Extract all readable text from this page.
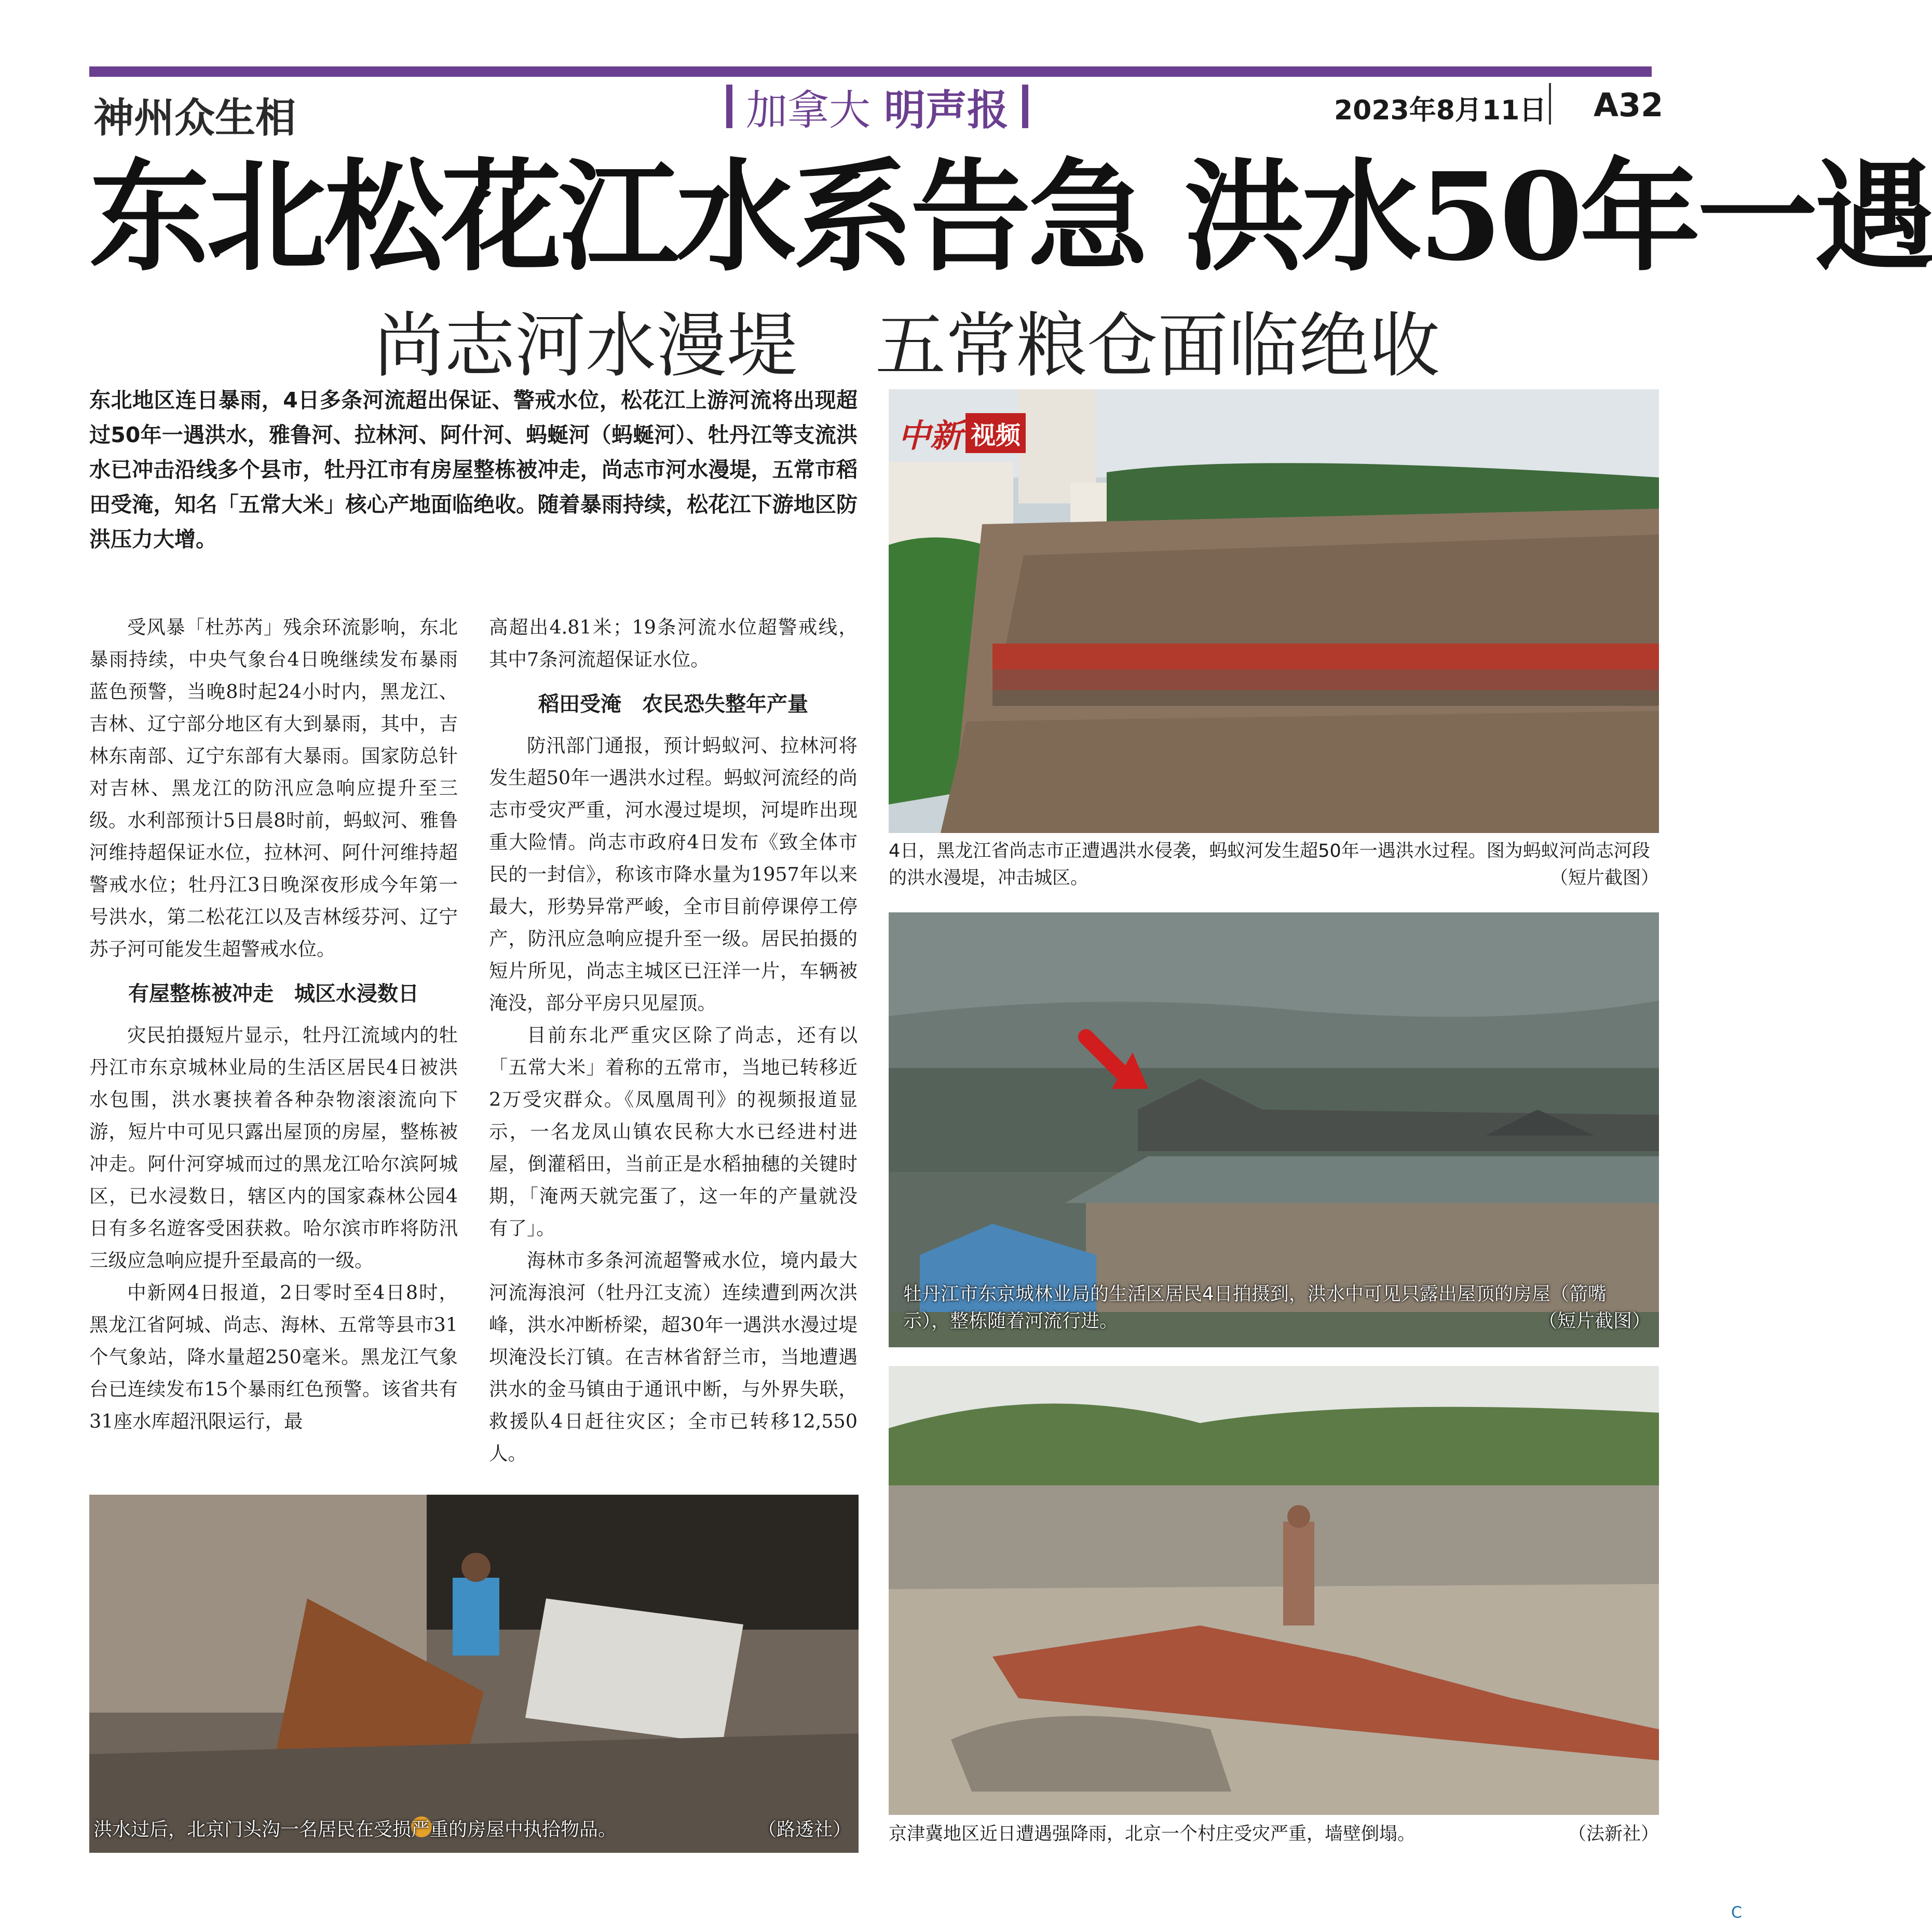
神州众生相	加拿大 明声报	2023年8月11日 A32
东北松花江水系告急 洪水50年一遇
尚志河水漫堤 五常粮仓面临绝收

东北地区连日暴雨，4日多条河流超出保证、警戒水位，松花江上游河流将出现超过50年一遇洪水，雅鲁河、拉林河、阿什河、蚂蜒河（蚂蜒河）、牡丹江等支流洪水已冲击沿线多个县市，牡丹江市有房屋整栋被冲走，尚志市河水漫堤，五常市稻田受淹，知名「五常大米」核心产地面临绝收。随着暴雨持续，松花江下游地区防洪压力大增。

受风暴「杜苏芮」残余环流影响，东北暴雨持续，中央气象台4日晚继续发布暴雨蓝色预警，当晚8时起24小时内，黑龙江、吉林、辽宁部分地区有大到暴雨，其中，吉林东南部、辽宁东部有大暴雨。国家防总针对吉林、黑龙江的防汛应急响应提升至三级。水利部预计5日晨8时前，蚂蚁河、雅鲁河维持超保证水位，拉林河、阿什河维持超警戒水位；牡丹江3日晚深夜形成今年第一号洪水，第二松花江以及吉林绥芬河、辽宁苏子河可能发生超警戒水位。

有屋整栋被冲走　城区水浸数日

灾民拍摄短片显示，牡丹江流域内的牡丹江市东京城林业局的生活区居民4日被洪水包围，洪水裹挟着各种杂物滚滚流向下游，短片中可见只露出屋顶的房屋，整栋被冲走。阿什河穿城而过的黑龙江哈尔滨阿城区，已水浸数日，辖区内的国家森林公园4日有多名遊客受困获救。哈尔滨市昨将防汛三级应急响应提升至最高的一级。

中新网4日报道，2日零时至4日8时，黑龙江省阿城、尚志、海林、五常等县市31个气象站，降水量超250毫米。黑龙江气象台已连续发布15个暴雨红色预警。该省共有31座水库超汛限运行，最

高超出4.81米；19条河流水位超警戒线，其中7条河流超保证水位。

稻田受淹　农民恐失整年产量

防汛部门通报，预计蚂蚁河、拉林河将发生超50年一遇洪水过程。蚂蚁河流经的尚志市受灾严重，河水漫过堤坝，河堤昨出现重大险情。尚志市政府4日发布《致全体市民的一封信》，称该市降水量为1957年以来最大，形势异常严峻，全市目前停课停工停产，防汛应急响应提升至一级。居民拍摄的短片所见，尚志主城区已汪洋一片，车辆被淹没，部分平房只见屋顶。

目前东北严重灾区除了尚志，还有以「五常大米」着称的五常市，当地已转移近2万受灾群众。《凤凰周刊》的视频报道显示，一名龙凤山镇农民称大水已经进村进屋，倒灌稻田，当前正是水稻抽穗的关键时期，「淹两天就完蛋了，这一年的产量就没有了」。

海林市多条河流超警戒水位，境内最大河流海浪河（牡丹江支流）连续遭到两次洪峰，洪水冲断桥梁，超30年一遇洪水漫过堤坝淹没长汀镇。在吉林省舒兰市，当地遭遇洪水的金马镇由于通讯中断，与外界失联，救援队4日赶往灾区；全市已转移12,550人。

中新 视频
4日，黑龙江省尚志市正遭遇洪水侵袭，蚂蚁河发生超50年一遇洪水过程。图为蚂蚁河尚志河段的洪水漫堤，冲击城区。	（短片截图）
牡丹江市东京城林业局的生活区居民4日拍摄到，洪水中可见只露出屋顶的房屋（箭嘴示），整栋随着河流行进。	（短片截图）
京津冀地区近日遭遇强降雨，北京一个村庄受灾严重，墙壁倒塌。	（法新社）
洪水过后，北京门头沟一名居民在受损严重的房屋中执拾物品。	（路透社）
C
